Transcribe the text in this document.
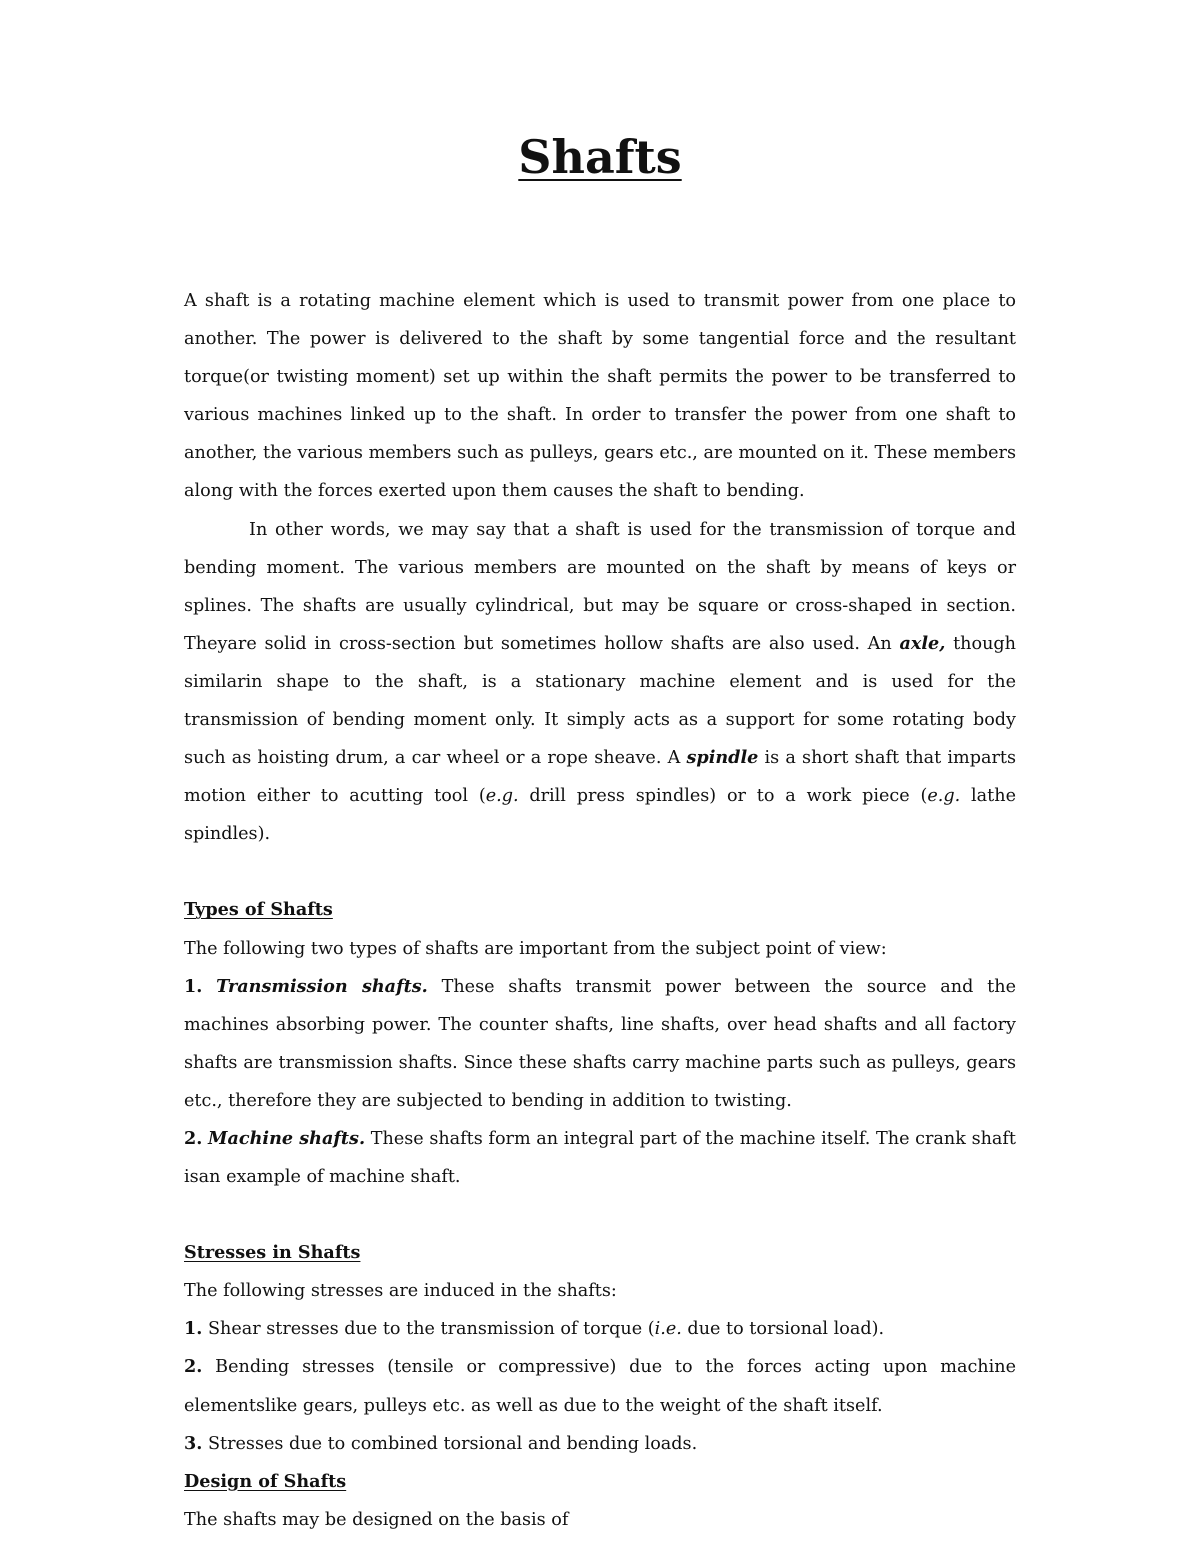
Shafts

A shaft is a rotating machine element which is used to transmit power from one place to another. The power is delivered to the shaft by some tangential force and the resultant torque(or twisting moment) set up within the shaft permits the power to be transferred to various machines linked up to the shaft. In order to transfer the power from one shaft to another, the various members such as pulleys, gears etc., are mounted on it. These members along with the forces exerted upon them causes the shaft to bending.

In other words, we may say that a shaft is used for the transmission of torque and bending moment. The various members are mounted on the shaft by means of keys or splines. The shafts are usually cylindrical, but may be square or cross-shaped in section. Theyare solid in cross-section but sometimes hollow shafts are also used. An axle, though similarin shape to the shaft, is a stationary machine element and is used for the transmission of bending moment only. It simply acts as a support for some rotating body such as hoisting drum, a car wheel or a rope sheave. A spindle is a short shaft that imparts motion either to acutting tool (e.g. drill press spindles) or to a work piece (e.g. lathe spindles).

Types of Shafts

The following two types of shafts are important from the subject point of view:

1. Transmission shafts. These shafts transmit power between the source and the machines absorbing power. The counter shafts, line shafts, over head shafts and all factory shafts are transmission shafts. Since these shafts carry machine parts such as pulleys, gears etc., therefore they are subjected to bending in addition to twisting.

2. Machine shafts. These shafts form an integral part of the machine itself. The crank shaft isan example of machine shaft.

Stresses in Shafts

The following stresses are induced in the shafts:

1. Shear stresses due to the transmission of torque (i.e. due to torsional load).

2. Bending stresses (tensile or compressive) due to the forces acting upon machine elementslike gears, pulleys etc. as well as due to the weight of the shaft itself.

3. Stresses due to combined torsional and bending loads.

Design of Shafts

The shafts may be designed on the basis of
